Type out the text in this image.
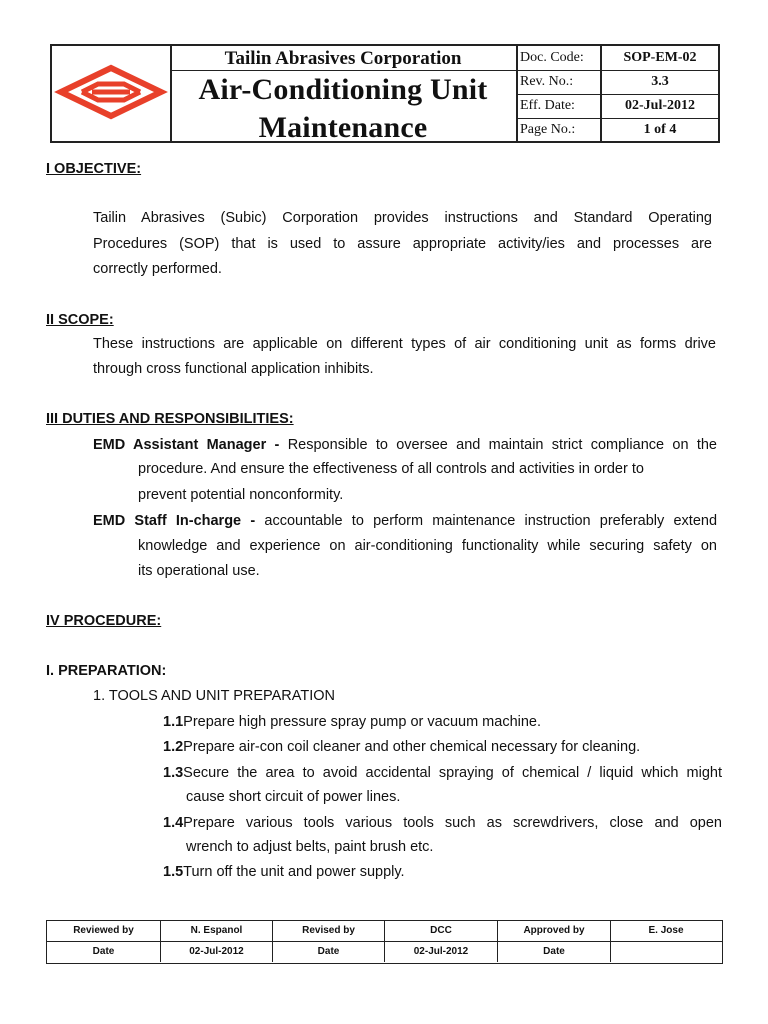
Tailin Abrasives Corporation
Air-Conditioning Unit
Maintenance
Doc. Code:	SOP-EM-02
Rev. No.:	3.3
Eff. Date:	02-Jul-2012
Page No.:	1 of 4
I OBJECTIVE:
Tailin Abrasives (Subic) Corporation provides instructions and Standard Operating
Procedures (SOP) that is used to assure appropriate activity/ies and processes are
correctly performed.
II SCOPE:
These instructions are applicable on different types of air conditioning unit as forms drive
through cross functional application inhibits.
III DUTIES AND RESPONSIBILITIES:
EMD Assistant Manager - Responsible to oversee and maintain strict compliance on the
procedure. And ensure the effectiveness of all controls and activities in order to
prevent potential nonconformity.
EMD Staff In-charge - accountable to perform maintenance instruction preferably extend
knowledge and experience on air-conditioning functionality while securing safety on
its operational use.
IV PROCEDURE:
I. PREPARATION:
1. TOOLS AND UNIT PREPARATION
1.1Prepare high pressure spray pump or vacuum machine.
1.2Prepare air-con coil cleaner and other chemical necessary for cleaning.
1.3Secure the area to avoid accidental spraying of chemical / liquid which might
cause short circuit of power lines.
1.4Prepare various tools various tools such as screwdrivers, close and open
wrench to adjust belts, paint brush etc.
1.5Turn off the unit and power supply.
Reviewed by	N. Espanol	Revised by	DCC	Approved by	E. Jose
Date	02-Jul-2012	Date	02-Jul-2012	Date
